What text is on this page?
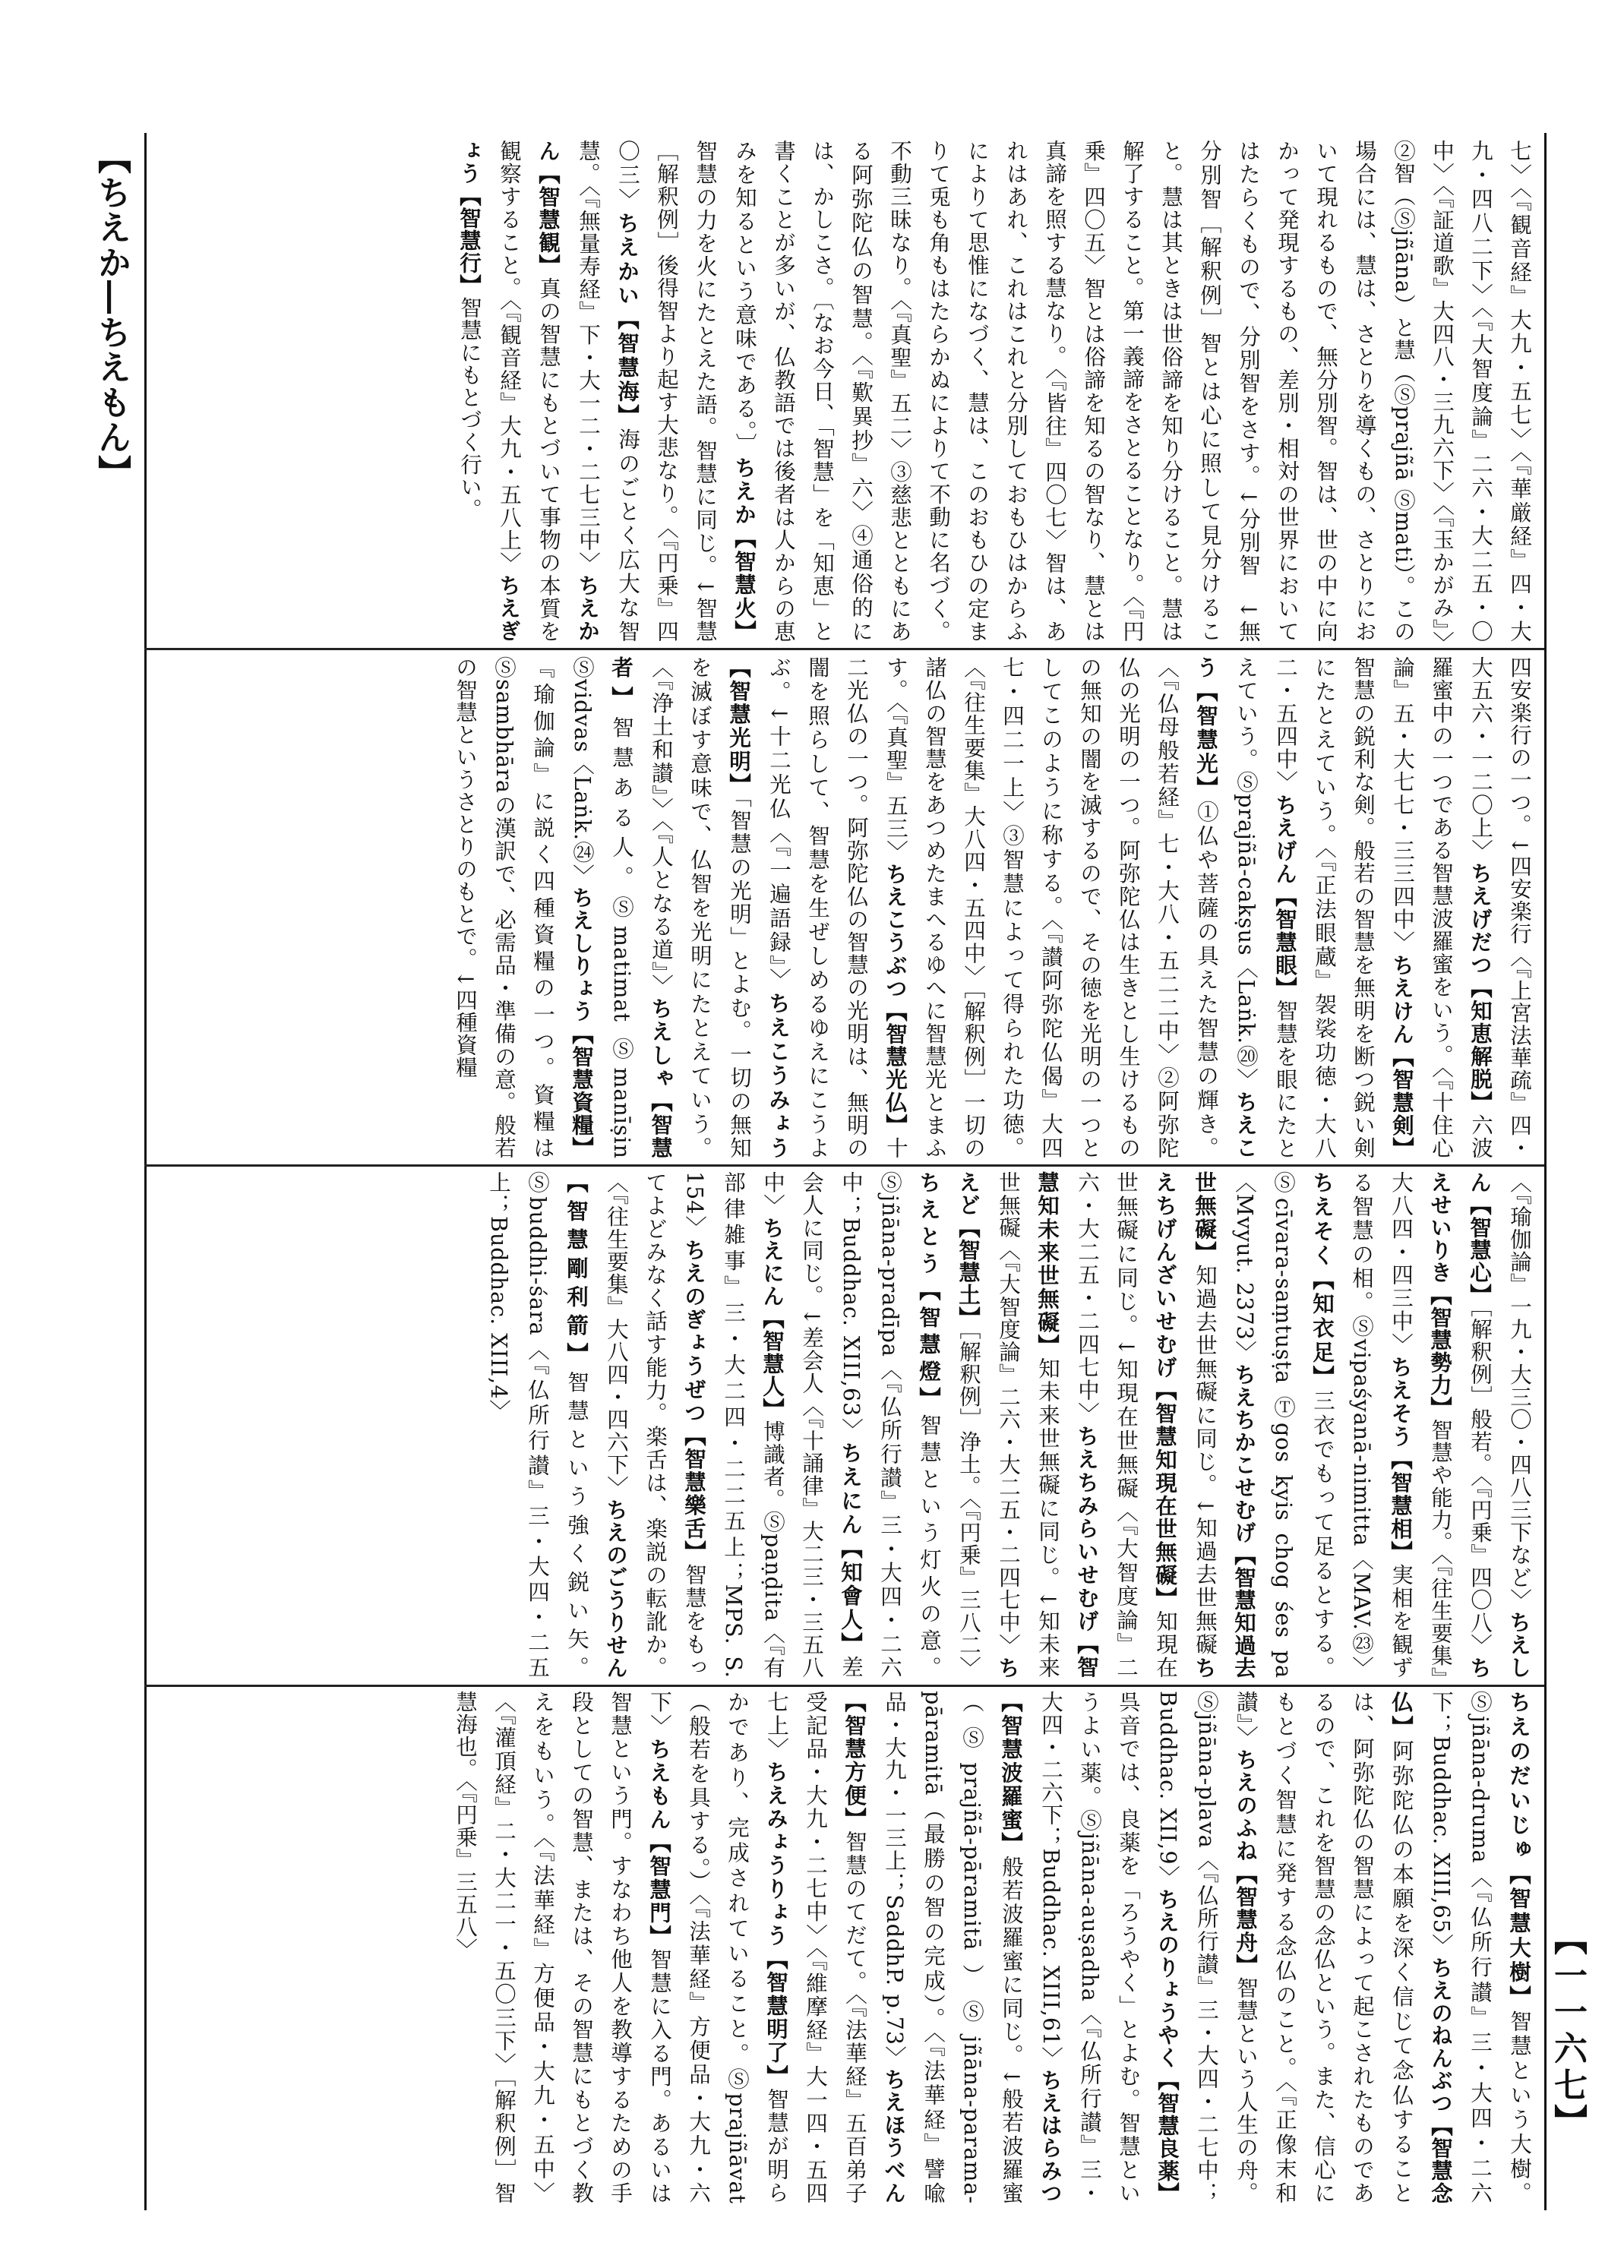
【ちえか―ちえもん】
【一一六七】
七〉〈『観音経』大九・五七〉〈『華厳経』四・大九・四八二下〉〈『大智度論』二六・大二五・〇中〉〈『証道歌』大四八・三九六下〉〈『玉かがみ』〉②智（Ⓢjñāna）と慧（Ⓢprajñā Ⓢmati）。この場合には、慧は、さとりを導くもの、さとりにおいて現れるもので、無分別智。智は、世の中に向かって発現するもの、差別・相対の世界においてはたらくもので、分別智をさす。↓分別智　↓無分別智［解釈例］智とは心に照して見分けること。慧は其ときは世俗諦を知り分けること。慧は解了すること。第一義諦をさとることなり。〈『円乗』四〇五〉智とは俗諦を知るの智なり、慧とは真諦を照する慧なり。〈『皆往』四〇七〉智は、あれはあれ、これはこれと分別しておもひはからふによりて思惟になづく、慧は、このおもひの定まりて兎も角もはたらかぬによりて不動に名づく。不動三昧なり。〈『真聖』五二〉③慈悲とともにある阿弥陀仏の智慧。〈『歎異抄』六〉④通俗的には、かしこさ。〔なお今日、「智慧」を「知恵」と書くことが多いが、仏教語では後者は人からの恵みを知るという意味である。〕ちえか【智慧火】智慧の力を火にたとえた語。智慧に同じ。↓智慧　［解釈例］後得智より起す大悲なり。〈『円乗』四〇三〉ちえかい【智慧海】海のごとく広大な智慧。〈『無量寿経』下・大一二・二七三中〉ちえかん【智慧観】真の智慧にもとづいて事物の本質を観察すること。〈『観音経』大九・五八上〉ちえぎょう【智慧行】智慧にもとづく行い。
四安楽行の一つ。↓四安楽行〈『上宮法華疏』四・大五六・一二〇上〉ちえげだつ【知恵解脱】六波羅蜜中の一つである智慧波羅蜜をいう。〈『十住心論』五・大七七・三三四中〉ちえけん【智慧剣】智慧の鋭利な剣。般若の智慧を無明を断つ鋭い剣にたとえていう。〈『正法眼蔵』袈裟功徳・大八二・五四中〉ちえげん【智慧眼】智慧を眼にたとえていう。Ⓢprajñā-cakṣus〈Laṅk.⑳〉ちえこう【智慧光】①仏や菩薩の具えた智慧の輝き。〈『仏母般若経』七・大八・五二二中〉②阿弥陀仏の光明の一つ。阿弥陀仏は生きとし生けるものの無知の闇を滅するので、その徳を光明の一つとしてこのように称する。〈『讃阿弥陀仏偈』大四七・四二一上〉③智慧によって得られた功徳。〈『往生要集』大八四・五四中〉［解釈例］一切の諸仏の智慧をあつめたまへるゆへに智慧光とまふす。〈『真聖』五三〉ちえこうぶつ【智慧光仏】十二光仏の一つ。阿弥陀仏の智慧の光明は、無明の闇を照らして、智慧を生ぜしめるゆえにこうよぶ。↓十二光仏〈『一遍語録』〉ちえこうみょう【智慧光明】「智慧の光明」とよむ。一切の無知を滅ぼす意味で、仏智を光明にたとえていう。〈『浄土和讃』〉〈『人となる道』〉ちえしゃ【智慧者】智慧ある人。Ⓢmatimat Ⓢmanīṣin Ⓢvidvas〈Laṅk.㉔〉ちえしりょう【智慧資糧】『瑜伽論』に説く四種資糧の一つ。資糧はⓈsambhāraの漢訳で、必需品・準備の意。般若の智慧というさとりのもとで。↓四種資糧
〈『瑜伽論』一九・大三〇・四八三下など〉ちえしん【智慧心】［解釈例］般若。〈『円乗』四〇八〉ちえせいりき【智慧勢力】智慧や能力。〈『往生要集』大八四・四三中〉ちえそう【智慧相】実相を観ずる智慧の相。Ⓢvipaśyanā-nimitta〈MAV.㉓〉ちえそく【知衣足】三衣でもって足るとする。Ⓢcīvara-saṃtuṣṭa Ⓣgos kyis chog śes pa〈Mvyut. 2373〉ちえちかこせむげ【智慧知過去世無礙】知過去世無礙に同じ。↓知過去世無礙ちえちげんざいせむげ【智慧知現在世無礙】知現在世無礙に同じ。↓知現在世無礙〈『大智度論』二六・大二五・二四七中〉ちえちみらいせむげ【智慧知未来世無礙】知未来世無礙に同じ。↓知未来世無礙〈『大智度論』二六・大二五・二四七中〉ちえど【智慧土】［解釈例］浄土。〈『円乗』三八二〉ちえとう【智慧燈】智慧という灯火の意。Ⓢjñāna-pradīpa〈『仏所行讃』三・大四・二六中；Buddhac. XIII,63〉ちえにん【知會人】差会人に同じ。↓差会人〈『十誦律』大二三・三五八中〉ちえにん【智慧人】博識者。Ⓢpaṇḍita〈『有部律雑事』三・大二四・二二五上；MPS. S. 154〉ちえのぎょうぜつ【智慧樂舌】智慧をもってよどみなく話す能力。楽舌は、楽説の転訛か。〈『往生要集』大八四・四六下〉ちえのごうりせん【智慧剛利箭】智慧という強く鋭い矢。Ⓢbuddhi-śara〈『仏所行讃』三・大四・二五上；Buddhac. XIII,4〉
ちえのだいじゅ【智慧大樹】智慧という大樹。Ⓢjñāna-druma〈『仏所行讃』三・大四・二六下；Buddhac. XIII,65〉ちえのねんぶつ【智慧念仏】阿弥陀仏の本願を深く信じて念仏することは、阿弥陀仏の智慧によって起こされたものであるので、これを智慧の念仏という。また、信心にもとづく智慧に発する念仏のこと。〈『正像末和讃』〉ちえのふね【智慧舟】智慧という人生の舟。Ⓢjñāna-plava〈『仏所行讃』三・大四・二七中；Buddhac. XII,9〉ちえのりょうやく【智慧良薬】呉音では、良薬を「ろうやく」とよむ。智慧というよい薬。Ⓢjñāna-auṣadha〈『仏所行讃』三・大四・二六下；Buddhac. XIII,61〉ちえはらみつ【智慧波羅蜜】般若波羅蜜に同じ。↓般若波羅蜜（Ⓢprajñā-pāramitā）Ⓢjñāna-parama-pāramitā（最勝の智の完成）。〈『法華経』譬喩品・大九・一三上；SaddhP. p.73〉ちえほうべん【智慧方便】智慧のてだて。〈『法華経』五百弟子受記品・大九・二七中〉〈『維摩経』大一四・五四七上〉ちえみょうりょう【智慧明了】智慧が明らかであり、完成されていること。Ⓢprajñāvat（般若を具する。）〈『法華経』方便品・大九・六下〉ちえもん【智慧門】智慧に入る門。あるいは智慧という門。すなわち他人を教導するための手段としての智慧、または、その智慧にもとづく教えをもいう。〈『法華経』方便品・大九・五中〉〈『灌頂経』二・大二一・五〇三下〉［解釈例］智慧海也。〈『円乗』三五八〉
